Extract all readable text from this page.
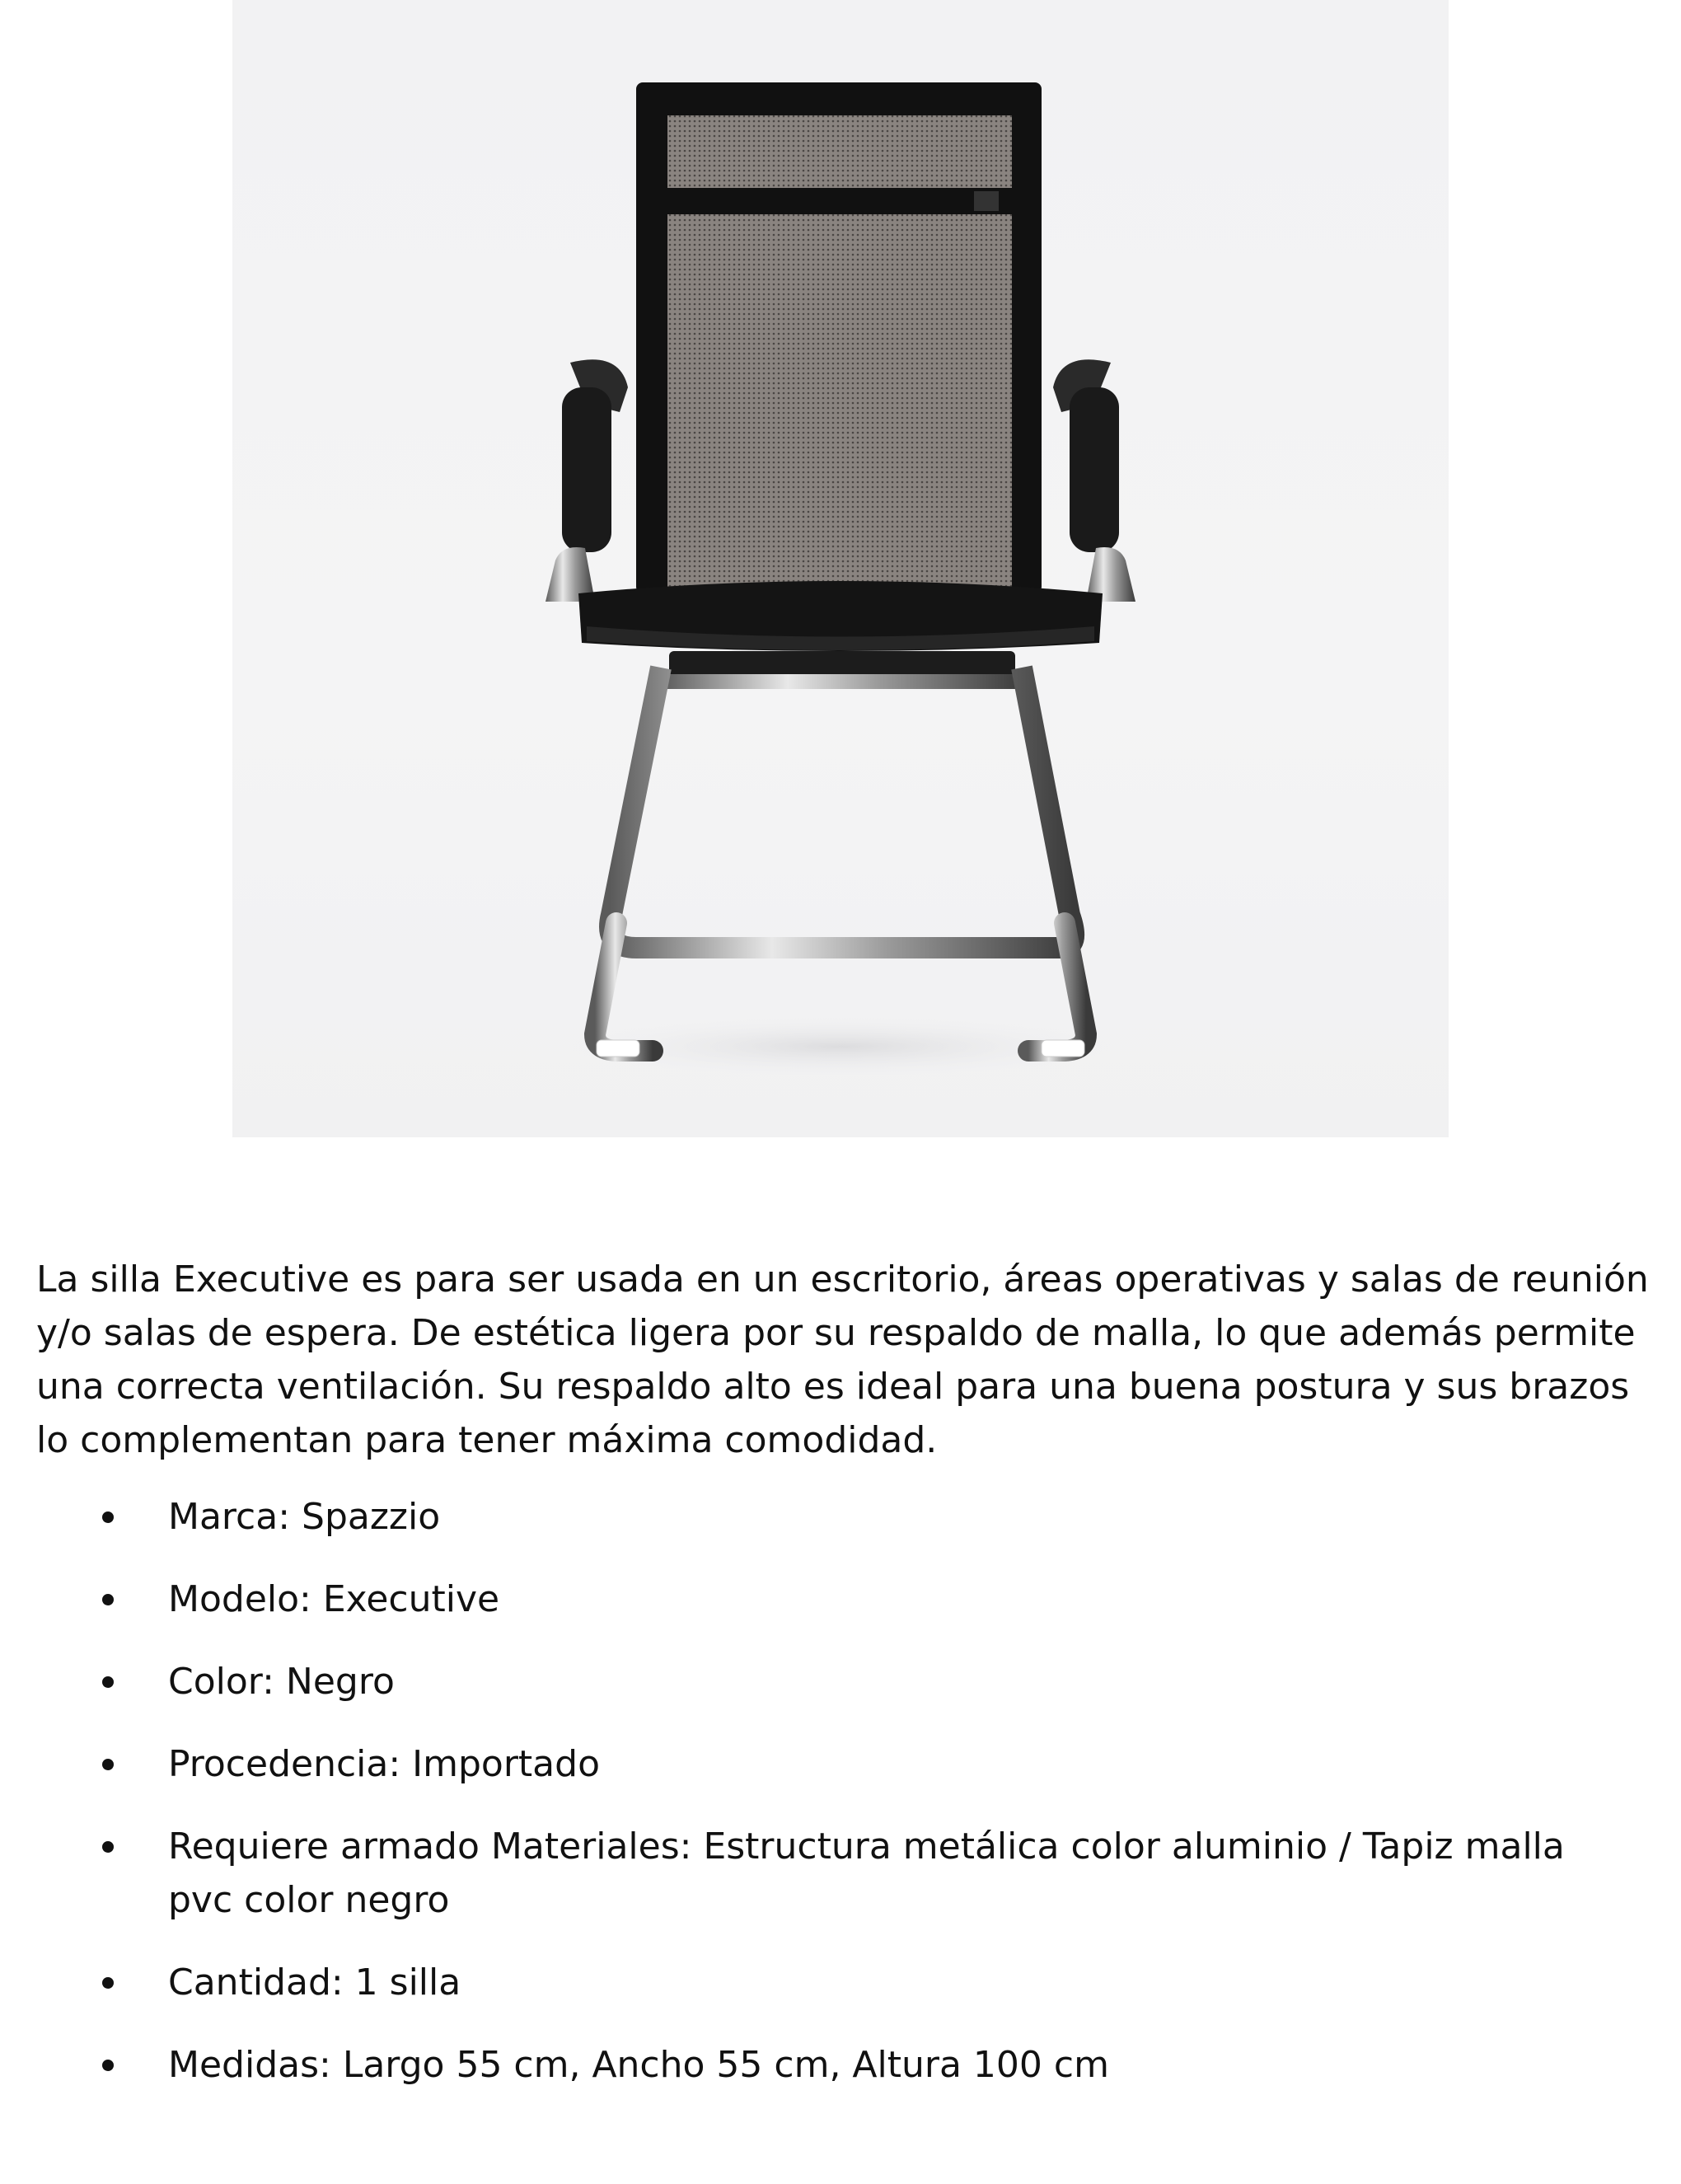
La silla Executive es para ser usada en un escritorio, áreas operativas y salas de reunión y/o salas de espera. De estética ligera por su respaldo de malla, lo que además permite una correcta ventilación. Su respaldo alto es ideal para una buena postura y sus brazos lo complementan para tener máxima comodidad.

Marca: Spazzio
Modelo: Executive
Color: Negro
Procedencia: Importado
Requiere armado Materiales: Estructura metálica color aluminio / Tapiz malla pvc color negro
Cantidad: 1 silla
Medidas: Largo 55 cm, Ancho 55 cm, Altura 100 cm
